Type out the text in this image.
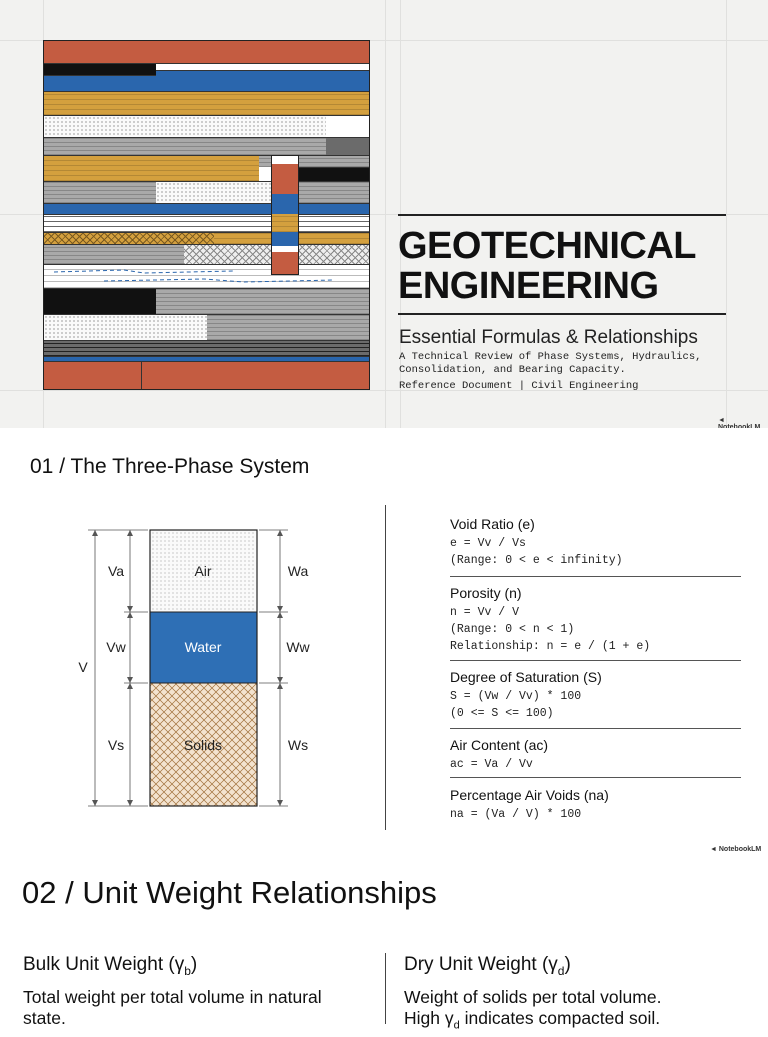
GEOTECHNICAL
ENGINEERING
Essential Formulas & Relationships
A Technical Review of Phase Systems, Hydraulics, Consolidation, and Bearing Capacity.
Reference Document | Civil Engineering
◄ NotebookLM
01 / The Three-Phase System
Air
Water
Solids
Va
Vw
Vs
V
Wa
Ww
Ws
Void Ratio (e)
e = Vv / Vs
(Range: 0 < e < infinity)
Porosity (n)
n = Vv / V
(Range: 0 < n < 1)
Relationship: n = e / (1 + e)
Degree of Saturation (S)
S = (Vw / Vv) * 100
(0 <= S <= 100)
Air Content (ac)
ac = Va / Vv
Percentage Air Voids (na)
na = (Va / V) * 100
◄ NotebookLM
02 / Unit Weight Relationships
Bulk Unit Weight $(\gamma_b)$
Total weight per total volume in natural state.
Dry Unit Weight $(\gamma_d)$
Weight of solids per total volume.
High $\gamma_d$ indicates compacted soil.
